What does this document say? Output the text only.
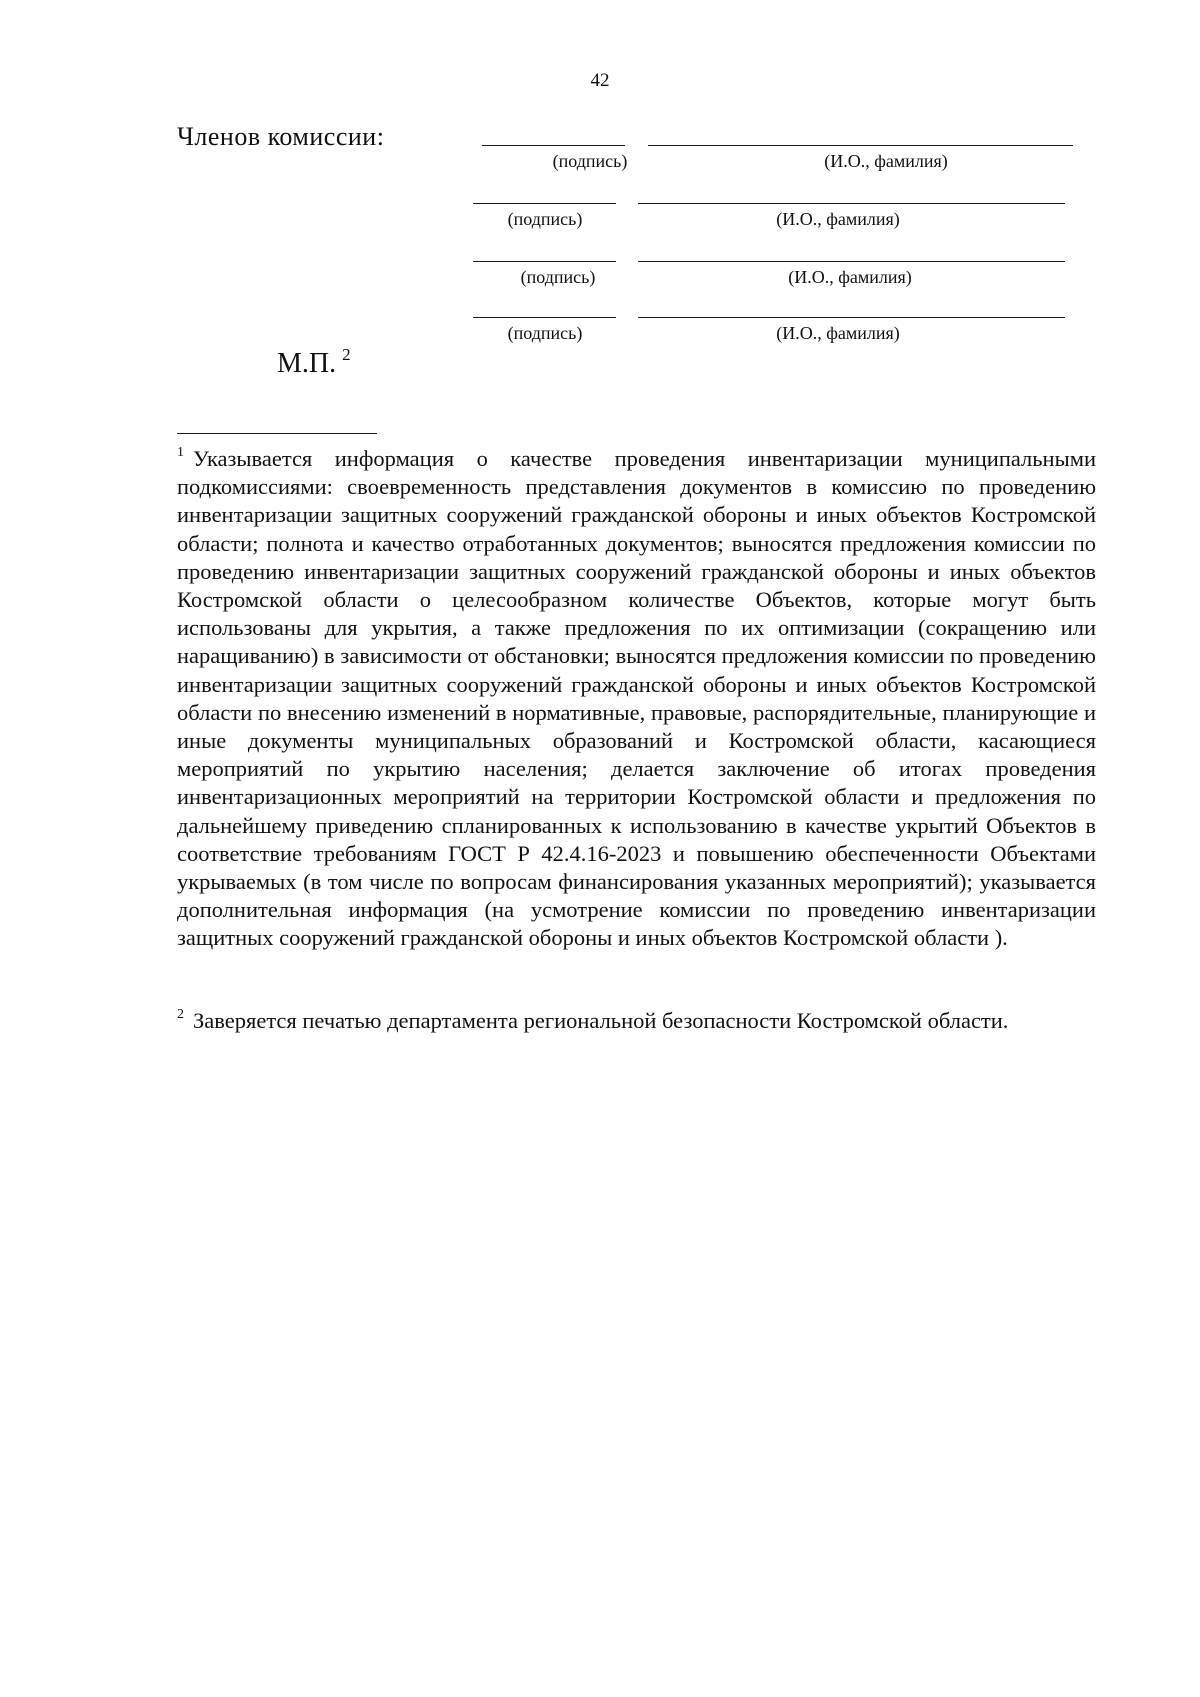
42
Членов комиссии:
(подпись)	(И.О., фамилия)
(подпись)	(И.О., фамилия)
(подпись)	(И.О., фамилия)
(подпись)	(И.О., фамилия)
М.П. $^2$
$^1$ Указывается информация о качестве проведения инвентаризации муниципальными подкомиссиями: своевременность представления документов в комиссию по проведению инвентаризации защитных сооружений гражданской обороны и иных объектов Костромской области; полнота и качество отработанных документов; выносятся предложения комиссии по проведению инвентаризации защитных сооружений гражданской обороны и иных объектов Костромской области о целесообразном количестве Объектов, которые могут быть использованы для укрытия, а также предложения по их оптимизации (сокращению или наращиванию) в зависимости от обстановки; выносятся предложения комиссии по проведению инвентаризации защитных сооружений гражданской обороны и иных объектов Костромской области по внесению изменений в нормативные, правовые, распорядительные, планирующие и иные документы муниципальных образований и Костромской области, касающиеся мероприятий по укрытию населения; делается заключение об итогах проведения инвентаризационных мероприятий на территории Костромской области и предложения по дальнейшему приведению спланированных к использованию в качестве укрытий Объектов в соответствие требованиям ГОСТ Р 42.4.16-2023 и повышению обеспеченности Объектами укрываемых (в том числе по вопросам финансирования указанных мероприятий); указывается дополнительная информация (на усмотрение комиссии по проведению инвентаризации защитных сооружений гражданской обороны и иных объектов Костромской области ).
$^2$ Заверяется печатью департамента региональной безопасности Костромской области.
